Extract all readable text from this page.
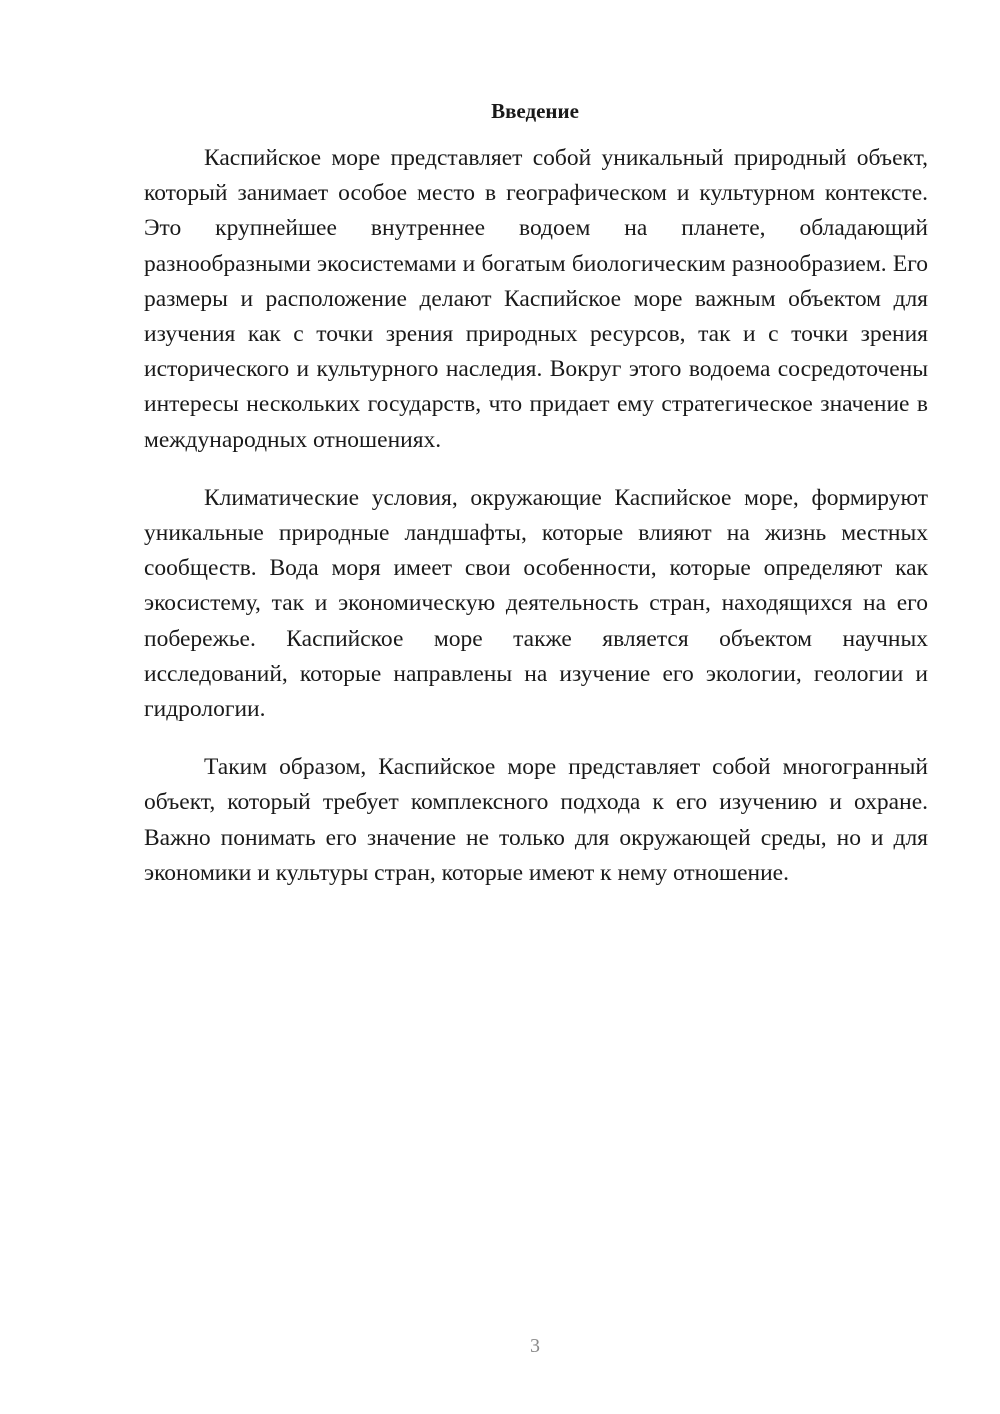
Введение

Каспийское море представляет собой уникальный природный объект, который занимает особое место в географическом и культурном контексте. Это крупнейшее внутреннее водоем на планете, обладающий разнообразными экосистемами и богатым биологическим разнообразием. Его размеры и расположение делают Каспийское море важным объектом для изучения как с точки зрения природных ресурсов, так и с точки зрения исторического и культурного наследия. Вокруг этого водоема сосредоточены интересы нескольких государств, что придает ему стратегическое значение в международных отношениях.

Климатические условия, окружающие Каспийское море, формируют уникальные природные ландшафты, которые влияют на жизнь местных сообществ. Вода моря имеет свои особенности, которые определяют как экосистему, так и экономическую деятельность стран, находящихся на его побережье. Каспийское море также является объектом научных исследований, которые направлены на изучение его экологии, геологии и гидрологии.

Таким образом, Каспийское море представляет собой многогранный объект, который требует комплексного подхода к его изучению и охране. Важно понимать его значение не только для окружающей среды, но и для экономики и культуры стран, которые имеют к нему отношение.

3
